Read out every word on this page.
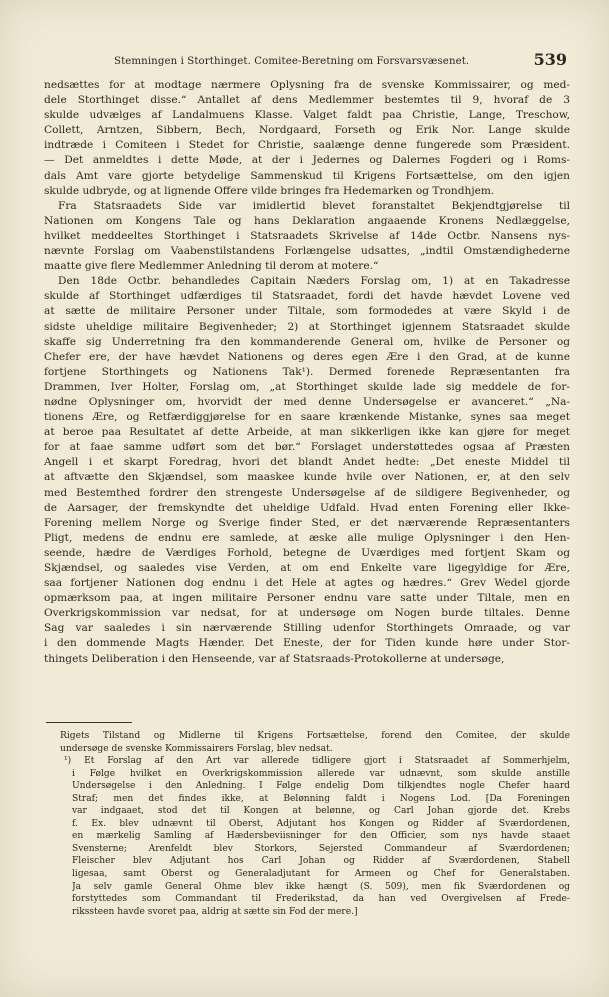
Stemningen i Storthinget. Comitee-Beretning om Forsvarsvæsenet.	539

nedsættes for at modtage nærmere Oplysning fra de svenske Kommissairer, og med-
dele Storthinget disse.“ Antallet af dens Medlemmer bestemtes til 9, hvoraf de 3
skulde udvælges af Landalmuens Klasse. Valget faldt paa Christie, Lange, Treschow,
Collett, Arntzen, Sibbern, Bech, Nordgaard, Forseth og Erik Nor. Lange skulde
indtræde i Comiteen i Stedet for Christie, saalænge denne fungerede som Præsident.
— Det anmeldtes i dette Møde, at der i Jedernes og Dalernes Fogderi og i Roms-
dals Amt vare gjorte betydelige Sammenskud til Krigens Fortsættelse, om den igjen
skulde udbryde, og at lignende Offere vilde bringes fra Hedemarken og Trondhjem.

Fra Statsraadets Side var imidlertid blevet foranstaltet Bekjendtgjørelse til
Nationen om Kongens Tale og hans Deklaration angaaende Kronens Nedlæggelse,
hvilket meddeeltes Storthinget i Statsraadets Skrivelse af 14de Octbr. Nansens nys-
nævnte Forslag om Vaabenstilstandens Forlængelse udsattes, „indtil Omstændighederne
maatte give flere Medlemmer Anledning til derom at motere.“

Den 18de Octbr. behandledes Capitain Næders Forslag om, 1) at en Takadresse
skulde af Storthinget udfærdiges til Statsraadet, fordi det havde hævdet Lovene ved
at sætte de militaire Personer under Tiltale, som formodedes at være Skyld i de
sidste uheldige militaire Begivenheder; 2) at Storthinget igjennem Statsraadet skulde
skaffe sig Underretning fra den kommanderende General om, hvilke de Personer og
Chefer ere, der have hævdet Nationens og deres egen Ære i den Grad, at de kunne
fortjene Storthingets og Nationens Tak¹). Dermed forenede Repræsentanten fra
Drammen, Iver Holter, Forslag om, „at Storthinget skulde lade sig meddele de for-
nødne Oplysninger om, hvorvidt der med denne Undersøgelse er avanceret.“ „Na-
tionens Ære, og Retfærdiggjørelse for en saare krænkende Mistanke, synes saa meget
at beroe paa Resultatet af dette Arbeide, at man sikkerligen ikke kan gjøre for meget
for at faae samme udført som det bør.“ Forslaget understøttedes ogsaa af Præsten
Angell i et skarpt Foredrag, hvori det blandt Andet hedte: „Det eneste Middel til
at aftvætte den Skjændsel, som maaskee kunde hvile over Nationen, er, at den selv
med Bestemthed fordrer den strengeste Undersøgelse af de sildigere Begivenheder, og
de Aarsager, der fremskyndte det uheldige Udfald. Hvad enten Forening eller Ikke-
Forening mellem Norge og Sverige finder Sted, er det nærværende Repræsentanters
Pligt, medens de endnu ere samlede, at æske alle mulige Oplysninger i den Hen-
seende, hædre de Værdiges Forhold, betegne de Uværdiges med fortjent Skam og
Skjændsel, og saaledes vise Verden, at om end Enkelte vare ligegyldige for Ære,
saa fortjener Nationen dog endnu i det Hele at agtes og hædres.“ Grev Wedel gjorde
opmærksom paa, at ingen militaire Personer endnu vare satte under Tiltale, men en
Overkrigskommission var nedsat, for at undersøge om Nogen burde tiltales. Denne
Sag var saaledes i sin nærværende Stilling udenfor Storthingets Omraade, og var
i den dommende Magts Hænder. Det Eneste, der for Tiden kunde høre under Stor-
thingets Deliberation i den Henseende, var af Statsraads-Protokollerne at undersøge,

Rigets Tilstand og Midlerne til Krigens Fortsættelse, forend den Comitee, der skulde
undersøge de svenske Kommissairers Forslag, blev nedsat.
¹) Et Forslag af den Art var allerede tidligere gjort i Statsraadet af Sommerhjelm,
i Følge hvilket en Overkrigskommission allerede var udnævnt, som skulde anstille
Undersøgelse i den Anledning. I Følge endelig Dom tilkjendtes nogle Chefer haard
Straf; men det findes ikke, at Belønning faldt i Nogens Lod. [Da Foreningen
var indgaaet, stod det til Kongen at belønne, og Carl Johan gjorde det. Krebs
f. Ex. blev udnævnt til Oberst, Adjutant hos Kongen og Ridder af Sværdordenen,
en mærkelig Samling af Hædersbeviisninger for den Officier, som nys havde staaet
Svensterne; Arenfeldt blev Storkors, Sejersted Commandeur af Sværdordenen;
Fleischer blev Adjutant hos Carl Johan og Ridder af Sværdordenen, Stabell
ligesaa, samt Oberst og Generaladjutant for Armeen og Chef for Generalstaben.
Ja selv gamle General Ohme blev ikke hængt (S. 509), men fik Sværdordenen og
forstyttedes som Commandant til Frederikstad, da han ved Overgivelsen af Frede-
rikssteen havde svoret paa, aldrig at sætte sin Fod der mere.]
